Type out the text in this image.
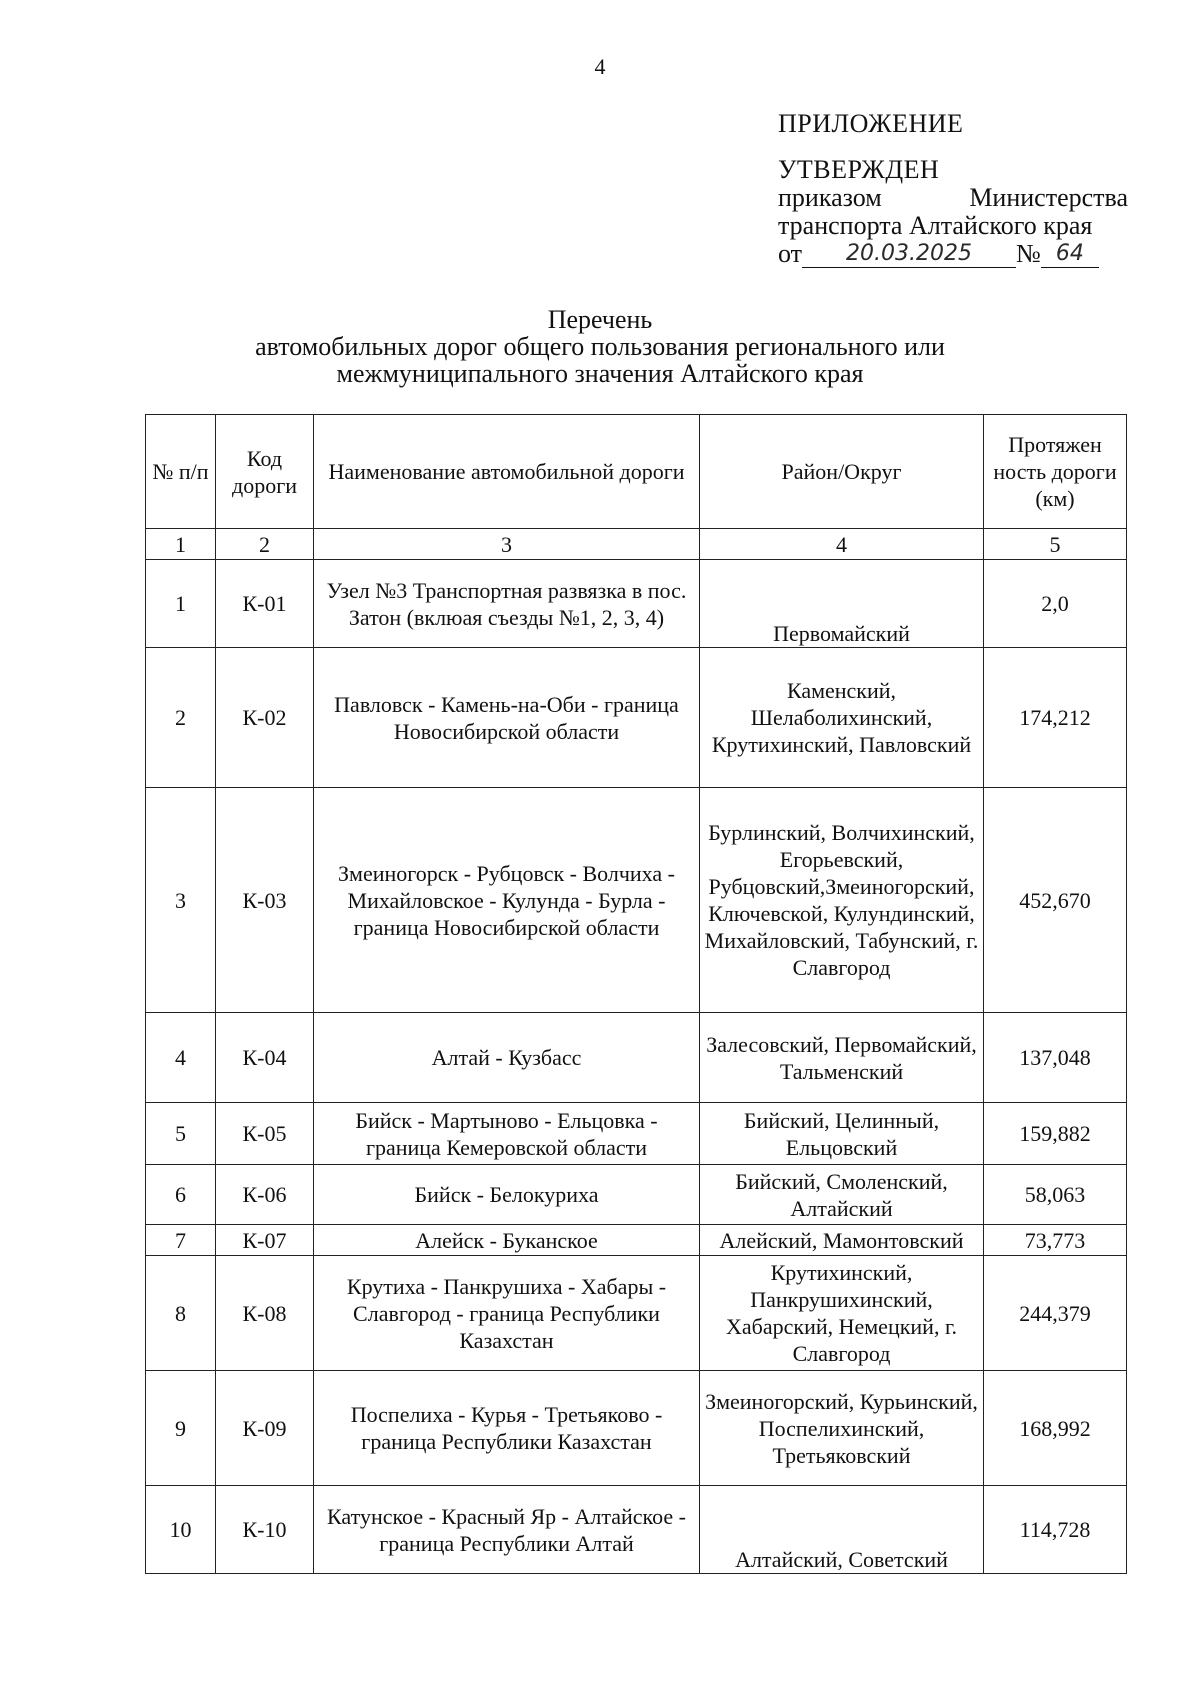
4
ПРИЛОЖЕНИЕ
УТВЕРЖДЕН
приказом	Министерства
транспорта Алтайского края
от	20.03.2025	№ 64
Перечень
автомобильных дорог общего пользования регионального или
межмуниципального значения Алтайского края
№ п/п	Код дороги	Наименование автомобильной дороги	Район/Округ	Протяжен ность дороги (км)
1	2	3	4	5
1	К-01	Узел №3 Транспортная развязка в пос. Затон (вклюая съезды №1, 2, 3, 4)	Первомайский	2,0
2	К-02	Павловск - Камень-на-Оби - граница Новосибирской области	Каменский, Шелаболихинский, Крутихинский, Павловский	174,212
3	К-03	Змеиногорск - Рубцовск - Волчиха - Михайловское - Кулунда - Бурла - граница Новосибирской области	Бурлинский, Волчихинский, Егорьевский, Рубцовский,Змеиногорский, Ключевской, Кулундинский, Михайловский, Табунский, г. Славгород	452,670
4	К-04	Алтай - Кузбасс	Залесовский, Первомайский, Тальменский	137,048
5	К-05	Бийск - Мартыново - Ельцовка - граница Кемеровской области	Бийский, Целинный, Ельцовский	159,882
6	К-06	Бийск - Белокуриха	Бийский, Смоленский, Алтайский	58,063
7	К-07	Алейск - Буканское	Алейский, Мамонтовский	73,773
8	К-08	Крутиха - Панкрушиха - Хабары - Славгород - граница Республики Казахстан	Крутихинский, Панкрушихинский, Хабарский, Немецкий, г. Славгород	244,379
9	К-09	Поспелиха - Курья - Третьяково - граница Республики Казахстан	Змеиногорский, Курьинский, Поспелихинский, Третьяковский	168,992
10	К-10	Катунское - Красный Яр - Алтайское - граница Республики Алтай	Алтайский, Советский	114,728
